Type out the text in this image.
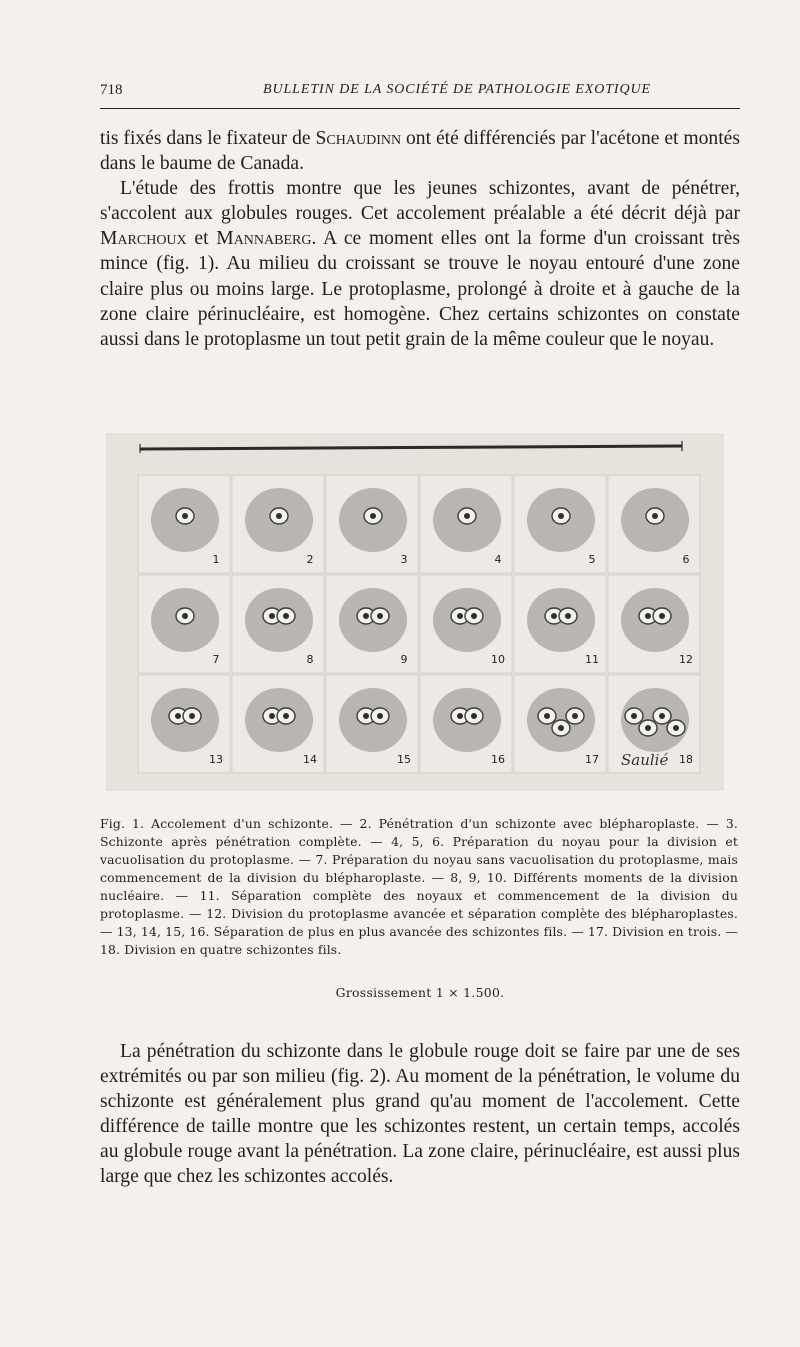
718	BULLETIN DE LA SOCIÉTÉ DE PATHOLOGIE EXOTIQUE

tis fixés dans le fixateur de Schaudinn ont été différenciés par l'acétone et montés dans le baume de Canada.
L'étude des frottis montre que les jeunes schizontes, avant de pénétrer, s'accolent aux globules rouges. Cet accolement préalable a été décrit déjà par Marchoux et Mannaberg. A ce moment elles ont la forme d'un croissant très mince (fig. 1). Au milieu du croissant se trouve le noyau entouré d'une zone claire plus ou moins large. Le protoplasme, prolongé à droite et à gauche de la zone claire périnucléaire, est homogène. Chez certains schizontes on constate aussi dans le protoplasme un tout petit grain de la même couleur que le noyau.

1	2	3	4	5	6
7	8	9	10	11	12
13	14	15	16	17	18
Saulié

Fig. 1. Accolement d'un schizonte. — 2. Pénétration d'un schizonte avec blépharoplaste. — 3. Schizonte après pénétration complète. — 4, 5, 6. Préparation du noyau pour la division et vacuolisation du protoplasme. — 7. Préparation du noyau sans vacuolisation du protoplasme, mais commencement de la division du blépharoplaste. — 8, 9, 10. Différents moments de la division nucléaire. — 11. Séparation complète des noyaux et commencement de la division du protoplasme. — 12. Division du protoplasme avancée et séparation complète des blépharoplastes. — 13, 14, 15, 16. Séparation de plus en plus avancée des schizontes fils. — 17. Division en trois. — 18. Division en quatre schizontes fils.

Grossissement 1 × 1.500.

La pénétration du schizonte dans le globule rouge doit se faire par une de ses extrémités ou par son milieu (fig. 2). Au moment de la pénétration, le volume du schizonte est généralement plus grand qu'au moment de l'accolement. Cette différence de taille montre que les schizontes restent, un certain temps, accolés au globule rouge avant la pénétration. La zone claire, périnucléaire, est aussi plus large que chez les schizontes accolés.
